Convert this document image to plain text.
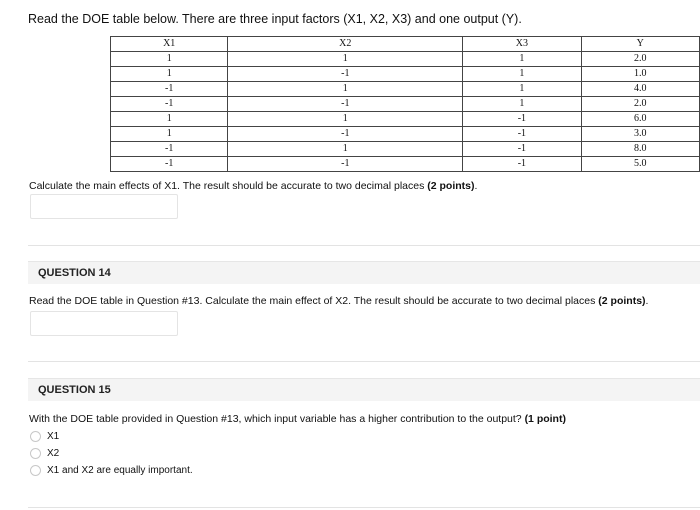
Read the DOE table below. There are three input factors (X1, X2, X3) and one output (Y).
X1	X2	X3	Y
1	1	1	2.0
1	-1	1	1.0
-1	1	1	4.0
-1	-1	1	2.0
1	1	-1	6.0
1	-1	-1	3.0
-1	1	-1	8.0
-1	-1	-1	5.0
Calculate the main effects of X1. The result should be accurate to two decimal places (2 points).
QUESTION 14
Read the DOE table in Question #13. Calculate the main effect of X2. The result should be accurate to two decimal places (2 points).
QUESTION 15
With the DOE table provided in Question #13, which input variable has a higher contribution to the output? (1 point)
X1
X2
X1 and X2 are equally important.
